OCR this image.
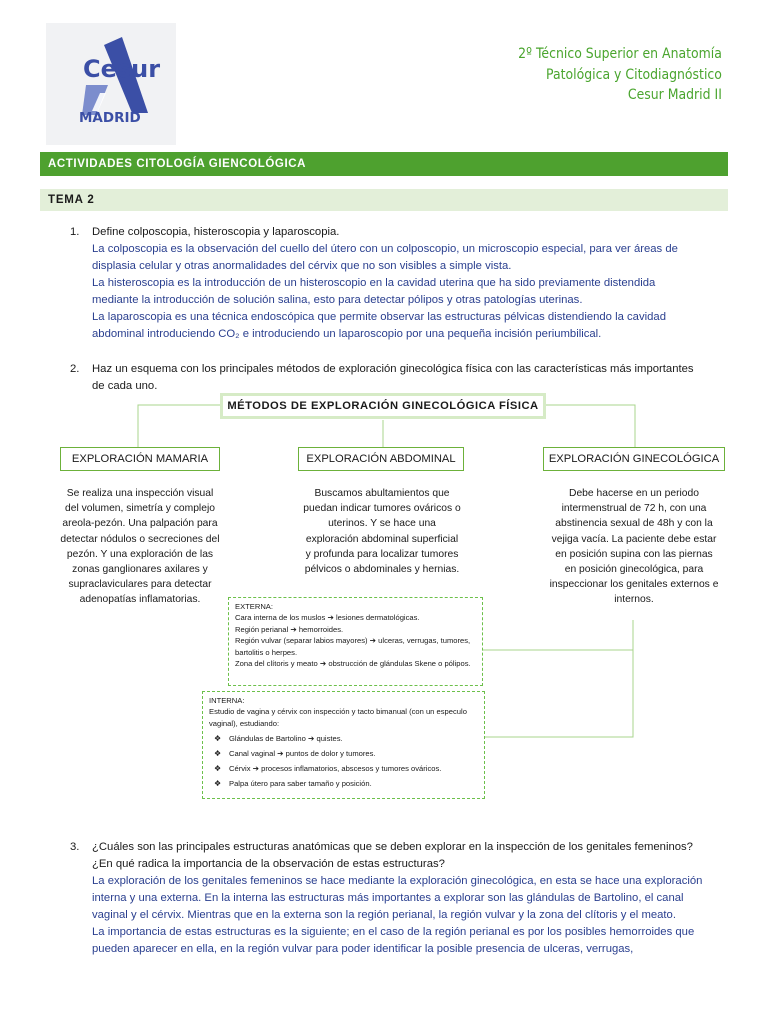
Cesur
MADRID
2º Técnico Superior en Anatomía
Patológica y Citodiagnóstico
Cesur Madrid II
ACTIVIDADES CITOLOGÍA GIENCOLÓGICA
TEMA 2
1. Define colposcopia, histeroscopia y laparoscopia.

La colposcopia es la observación del cuello del útero con un colposcopio, un microscopio especial, para ver áreas de displasia celular y otras anormalidades del cérvix que no son visibles a simple vista.

La histeroscopia es la introducción de un histeroscopio en la cavidad uterina que ha sido previamente distendida mediante la introducción de solución salina, esto para detectar pólipos y otras patologías uterinas.

La laparoscopia es una técnica endoscópica que permite observar las estructuras pélvicas distendiendo la cavidad abdominal introduciendo CO₂ e introduciendo un laparoscopio por una pequeña incisión periumbilical.

2. Haz un esquema con los principales métodos de exploración ginecológica física con las características más importantes de cada uno.

MÉTODOS DE EXPLORACIÓN GINECOLÓGICA FÍSICA
EXPLORACIÓN MAMARIA	EXPLORACIÓN ABDOMINAL	EXPLORACIÓN GINECOLÓGICA
Se realiza una inspección visual del volumen, simetría y complejo areola-pezón. Una palpación para detectar nódulos o secreciones del pezón. Y una exploración de las zonas ganglionares axilares y supraclaviculares para detectar adenopatías inflamatorias.
Buscamos abultamientos que puedan indicar tumores ováricos o uterinos. Y se hace una exploración abdominal superficial y profunda para localizar tumores pélvicos o abdominales y hernias.
Debe hacerse en un periodo intermenstrual de 72 h, con una abstinencia sexual de 48h y con la vejiga vacía. La paciente debe estar en posición supina con las piernas en posición ginecológica, para inspeccionar los genitales externos e internos.
EXTERNA:
Cara interna de los muslos ➔ lesiones dermatológicas.
Región perianal ➔ hemorroides.
Región vulvar (separar labios mayores) ➔ ulceras, verrugas, tumores, bartolitis o herpes.
Zona del clítoris y meato ➔ obstrucción de glándulas Skene o pólipos.
INTERNA:
Estudio de vagina y cérvix con inspección y tacto bimanual (con un especulo vaginal), estudiando:
❖ Glándulas de Bartolino ➔ quistes.
❖ Canal vaginal ➔ puntos de dolor y tumores.
❖ Cérvix ➔ procesos inflamatorios, abscesos y tumores ováricos.
❖ Palpa útero para saber tamaño y posición.
3. ¿Cuáles son las principales estructuras anatómicas que se deben explorar en la inspección de los genitales femeninos?¿En qué radica la importancia de la observación de estas estructuras?

La exploración de los genitales femeninos se hace mediante la exploración ginecológica, en esta se hace una exploración interna y una externa. En la interna las estructuras más importantes a explorar son las glándulas de Bartolino, el canal vaginal y el cérvix. Mientras que en la externa son la región perianal, la región vulvar y la zona del clítoris y el meato.

La importancia de estas estructuras es la siguiente; en el caso de la región perianal es por los posibles hemorroides que pueden aparecer en ella, en la región vulvar para poder identificar la posible presencia de ulceras, verrugas,
